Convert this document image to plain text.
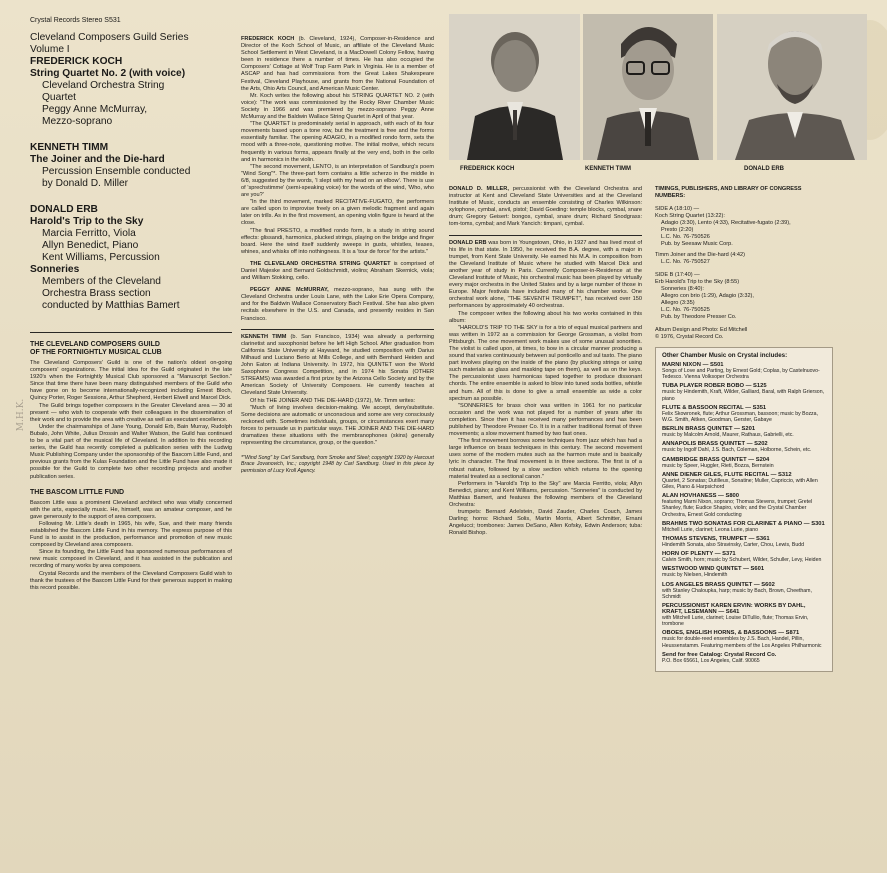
M.H.K.
Crystal Records Stereo S531
Cleveland Composers Guild Series
Volume I
FREDERICK KOCH
String Quartet No. 2 (with voice)
Cleveland Orchestra String
Quartet
Peggy Anne McMurray,
Mezzo-soprano
KENNETH TIMM
The Joiner and the Die-hard
Percussion Ensemble conducted
by Donald D. Miller
DONALD ERB
Harold's Trip to the Sky
Marcia Ferritto, Viola
Allyn Benedict, Piano
Kent Williams, Percussion
Sonneries
Members of the Cleveland
Orchestra Brass section
conducted by Matthias Bamert
THE CLEVELAND COMPOSERS GUILD
OF THE FORTNIGHTLY MUSICAL CLUB

The Cleveland Composers' Guild is one of the nation's oldest on-going composers' organizations. The initial idea for the Guild originated in the late 1920's when the Fortnightly Musical Club sponsored a "Manuscript Section." Since that time there have been many distinguished members of the Guild who have gone on to become internationally-recognized including Ernest Bloch, Quincy Porter, Roger Sessions, Arthur Shepherd, Herbert Elwell and Marcel Dick.

The Guild brings together composers in the Greater Cleveland area — 30 at present — who wish to cooperate with their colleagues in the dissemination of their work and to provide the area with creative as well as executant excellence.

Under the chairmanships of Jane Young, Donald Erb, Bain Murray, Rudolph Bubalo, John White, Julius Drossin and Walter Watson, the Guild has continued to be a vital part of the musical life of Cleveland. In addition to this recording series, the Guild has recently completed a publication series with the Ludwig Music Publishing Company under the sponsorship of the Bascom Little Fund, and previous grants from the Kulas Foundation and the Little Fund have also made it possible for the Guild to complete two other recording projects and another publication series.

THE BASCOM LITTLE FUND

Bascom Little was a prominent Cleveland architect who was vitally concerned with the arts, especially music. He, himself, was an amateur composer, and he gave generously to the support of area composers.

Following Mr. Little's death in 1965, his wife, Sue, and their many friends established the Bascom Little Fund in his memory. The express purpose of this Fund is to assist in the production, performance and promotion of new music composed by Cleveland area composers.

Since its founding, the Little Fund has sponsored numerous performances of new music composed in Cleveland, and it has assisted in the publication and recording of many works by area composers.

Crystal Records and the members of the Cleveland Composers Guild wish to thank the trustees of the Bascom Little Fund for their generous support in making this record possible.

FREDERICK KOCH (b. Cleveland, 1924), Composer-in-Residence and Director of the Koch School of Music, an affiliate of the Cleveland Music School Settlement in West Cleveland, is a MacDowell Colony Fellow, having been in residence there a number of times. He has also occupied the Composers' Cottage at Wolf Trap Farm Park in Virginia. He is a member of ASCAP and has had commissions from the Great Lakes Shakespeare Festival, Cleveland Playhouse, and grants from the National Foundation of the Arts, Ohio Arts Council, and American Music Center.

Mr. Koch writes the following about his STRING QUARTET NO. 2 (with voice): "The work was commissioned by the Rocky River Chamber Music Society in 1966 and was premiered by mezzo-soprano Peggy Anne McMurray and the Baldwin Wallace String Quartet in April of that year.

"The QUARTET is predominately serial in approach, with each of its four movements based upon a tone row, but the treatment is free and the forms essentially familiar. The opening ADAGIO, in a modified rondo form, sets the mood with a three-note, questioning motive. The initial motive, which recurs frequently in various forms, appears finally at the very end, both in the cello and in harmonics in the violin.

"The second movement, LENTO, is an interpretation of Sandburg's poem "Wind Song"*. The three-part form contains a little scherzo in the middle in 6/8, suggested by the words, 'I slept with my head on an elbow'. There is use of 'sprechstimme' (semi-speaking voice) for the words of the wind, 'Who, who are you?'

"In the third movement, marked RECITATIVE-FUGATO, the performers are called upon to improvise freely on a given melodic fragment and again later on trills. As in the first movement, an opening violin figure is heard at the close.

"The final PRESTO, a modified rondo form, is a study in string sound effects: glissandi, harmonics, plucked strings, playing on the bridge and finger board. Here the wind itself suddenly sweeps in gusts, whistles, teases, whines, and whisks off into nothingness. It is a 'tour de force' for the artists."

THE CLEVELAND ORCHESTRA STRING QUARTET is comprised of Daniel Majeske and Bernard Goldschmidt, violins; Abraham Skernick, viola; and William Stokking, cello.

PEGGY ANNE McMURRAY, mezzo-soprano, has sung with the Cleveland Orchestra under Louis Lane, with the Lake Erie Opera Company, and for the Baldwin Wallace Conservatory Bach Festival. She has also given recitals elsewhere in the U.S. and Canada, and presently resides in San Francisco.

KENNETH TIMM (b. San Francisco, 1934) was already a performing clarinetist and saxophonist before he left High School. After graduation from California State University at Hayward, he studied composition with Darius Milhaud and Luciano Berio at Mills College, and with Bernhard Heiden and John Eaton at Indiana University. In 1972, his QUINTET won the World Saxophone Congress Competition, and in 1974 his Sonata (OTHER STREAMS) was awarded a first prize by the Arizona Cello Society and by the American Society of University Composers. He currently teaches at Cleveland State University.

Of his THE JOINER AND THE DIE-HARD (1972), Mr. Timm writes:

"Much of living involves decision-making. We accept, deny/substitute. Some decisions are automatic or unconscious and some are very consciously reckoned with. Sometimes individuals, groups, or circumstances exert many forces to persuade us in particular ways. THE JOINER AND THE DIE-HARD dramatizes these situations with the membranophones (skins) generally representing the circumstance, group, or the question."

*"Wind Song" by Carl Sandburg, from Smoke and Steel; copyright 1920 by Harcourt Brace Jovanovich, Inc.; copyright 1948 by Carl Sandburg. Used in this piece by permission of Lucy Kroll Agency.

FREDERICK KOCH	KENNETH TIMM	DONALD ERB

DONALD D. MILLER, percussionist with the Cleveland Orchestra and instructor at Kent and Cleveland State Universities and at the Cleveland Institute of Music, conducts an ensemble consisting of Charles Wilkinson: xylophone, cymbal, anvil, pistol; David Goeding: temple blocks, cymbal, snare drum; Gregory Geisert: bongos, cymbal, snare drum; Richard Snodgrass: tom-toms, cymbal; and Mark Yancich: timpani, cymbal.

DONALD ERB was born in Youngstown, Ohio, in 1927 and has lived most of his life in that state. In 1950, he received the B.A. degree, with a major in trumpet, from Kent State University. He earned his M.A. in composition from the Cleveland Institute of Music where he studied with Marcel Dick and another year of study in Paris. Currently Composer-in-Residence at the Cleveland Institute of Music, his orchestral music has been played by virtually every major orchestra in the United States and by a large number of those in Europe. Major festivals have included many of his chamber works. One orchestral work alone, "THE SEVENTH TRUMPET", has received over 150 performances by approximately 40 orchestras.

The composer writes the following about his two works contained in this album:

"HAROLD'S TRIP TO THE SKY is for a trio of equal musical partners and was written in 1972 as a commission for George Grossman, a violist from Pittsburgh. The one movement work makes use of some unusual sonorities. The violist is called upon, at times, to bow in a circular manner producing a sound that varies continuously between sul ponticello and sul tasto. The piano part involves playing on the inside of the piano (by plucking strings or using such materials as glass and masking tape on them), as well as on the keys. The percussionist uses harmonicas taped together to produce dissonant chords. The entire ensemble is asked to blow into tuned soda bottles, whistle and hum. All of this is done to give a small ensemble as wide a color spectrum as possible.

"SONNERIES for brass choir was written in 1961 for no particular occasion and the work was not played for a number of years after its completion. Since then it has received many performances and has been published by Theodore Presser Co. It is in a rather traditional format of three movements; a slow movement framed by two fast ones.

"The first movement borrows some techniques from jazz which has had a large influence on brass techniques in this century. The second movement uses some of the modern mutes such as the harmon mute and is basically lyric in character. The final movement is in three sections. The first is of a robust nature, followed by a slow section which returns to the opening material treated as a sectional canon."

Performers in "Harold's Trip to the Sky" are Marcia Ferritto, viola; Allyn Benedict, piano; and Kent Williams, percussion. "Sonneries" is conducted by Matthias Bamert, and features the following members of the Cleveland Orchestra:

trumpets: Bernard Adelstein, David Zauder, Charles Couch, James Darling; horns: Richard Solis, Martin Morris, Albert Schmitter, Ernani Angelucci; trombones: James DeSano, Allen Kofsky, Edwin Anderson; tuba: Ronald Bishop.

TIMINGS, PUBLISHERS, AND LIBRARY OF CONGRESS NUMBERS:
SIDE A (18:10) —
Koch String Quartet (13:22):
Adagio (3:30), Lento (4:33), Recitative-fugato (2:39),
Presto (2:20)
L.C. No. 76-750526
Pub. by Seesaw Music Corp.
Timm Joiner and the Die-hard (4:42)
L.C. No. 76-750527
SIDE B (17:40) —
Erb Harold's Trip to the Sky (8:55)
Sonneries (8:40):
Allegro con brio (1:29), Adagio (3:32),
Allegro (3:35)
L.C. No. 76-750525
Pub. by Theodore Presser Co.
Album Design and Photo: Ed Mitchell
© 1976, Crystal Record Co.
Other Chamber Music on Crystal includes:
MARNI NIXON — S501
Songs of Love and Parting, by Ernest Gold; Coplas, by Castelnuovo-Tedesco. Vienna Volksoper Orchestra
TUBA PLAYER ROBER BOBO — S125
music by Hindemith, Kraft, Wilder, Galliard, Baral, with Ralph Grierson, piano
FLUTE & BASSOON RECITAL — S351
Felix Skowronek, flute; Arthur Grossman, bassoon; music by Bozza, W.G. Smith, Aitken, Goodman, Gerster, Gabaye
BERLIN BRASS QUINTET — S201
music by Malcolm Arnold, Maurer, Rathaus, Gabrielli, etc.
ANNAPOLIS BRASS QUINTET — S202
music by Ingolf Dahl, J.S. Bach, Coleman, Holborne, Schein, etc.
CAMBRIDGE BRASS QUINTET — S204
music by Speer, Huggler, Rieti, Bozza, Bernstein
ANNE DIENER GILES, FLUTE RECITAL — S312
Quartet, 2 Sonatas; Dutilleux, Sonatine; Muller, Capriccio, with Allen Giles, Piano & Harpsichord
ALAN HOVHANESS — S800
featuring Marni Nixon, soprano; Thomas Stevens, trumpet; Gretel Shanley, flute; Eudice Shapiro, violin; and the Crystal Chamber Orchestra, Ernest Gold conducting
BRAHMS TWO SONATAS FOR CLARINET & PIANO — S301
Mitchell Lurie, clarinet; Leona Lurie, piano
THOMAS STEVENS, TRUMPET — S361
Hindemith Sonata, also Stravinsky, Carter, Chou, Lewis, Budd
HORN OF PLENTY — S371
Calvin Smith, horn; music by Schubert, Wilder, Schuller, Levy, Heiden
WESTWOOD WIND QUINTET — S601
music by Nielsen, Hindemith
LOS ANGELES BRASS QUINTET — S602
with Stanley Chaloupka, harp; music by Bach, Brown, Cheetham, Schmidt
PERCUSSIONIST KAREN ERVIN: WORKS BY DAHL, KRAFT, LESEMANN — S641
with Mitchell Lurie, clarinet; Louise DiTullio, flute; Thomas Ervin, trombone
OBOES, ENGLISH HORNS, & BASSOONS — S871
music for double-reed ensembles by J.S. Bach, Handel, Pillin, Heussenstamm. Featuring members of the Los Angeles Philharmonic
Send for free Catalog: Crystal Record Co.
P.O. Box 65661, Los Angeles, Calif. 90065
